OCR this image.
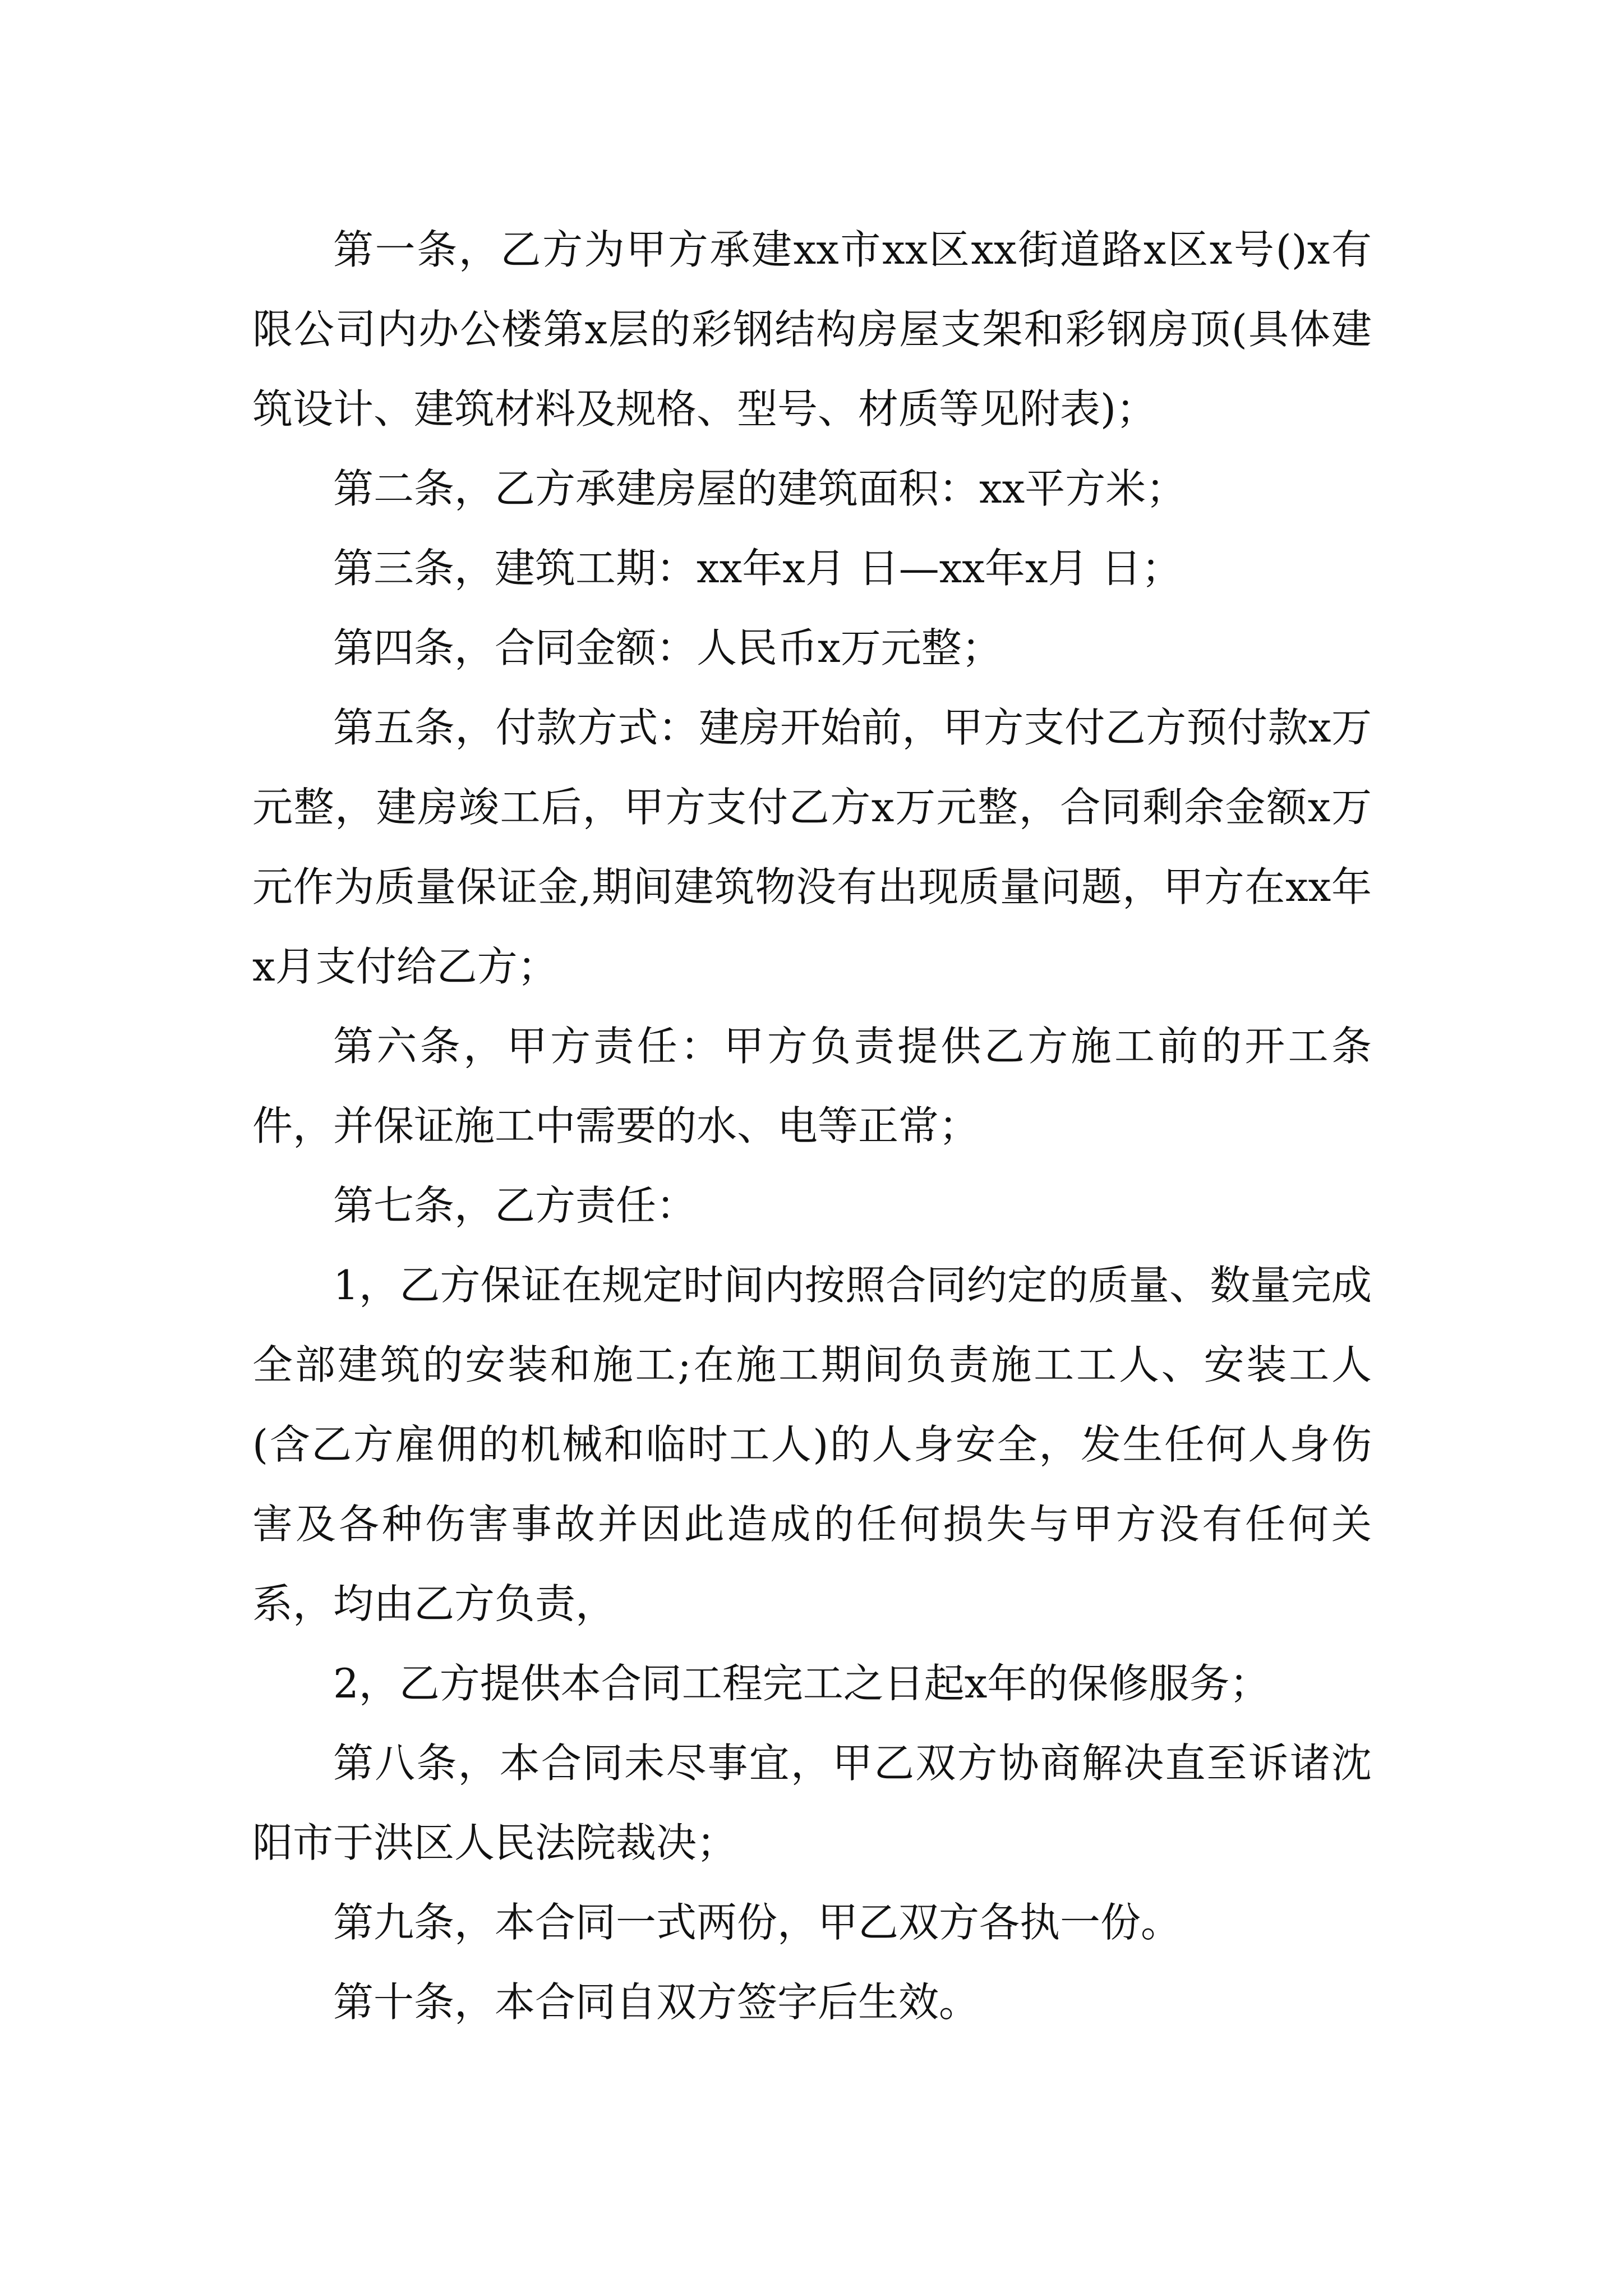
第一条，乙方为甲方承建xx市xx区xx街道路x区x号()x有限公司内办公楼第x层的彩钢结构房屋支架和彩钢房顶(具体建筑设计、建筑材料及规格、型号、材质等见附表)；

第二条，乙方承建房屋的建筑面积：xx平方米；

第三条，建筑工期：xx年x月 日—xx年x月 日；

第四条，合同金额：人民币x万元整；

第五条，付款方式：建房开始前，甲方支付乙方预付款x万元整，建房竣工后，甲方支付乙方x万元整，合同剩余金额x万元作为质量保证金,期间建筑物没有出现质量问题，甲方在xx年x月支付给乙方；

第六条，甲方责任：甲方负责提供乙方施工前的开工条件，并保证施工中需要的水、电等正常；

第七条，乙方责任：

1，乙方保证在规定时间内按照合同约定的质量、数量完成全部建筑的安装和施工;在施工期间负责施工工人、安装工人(含乙方雇佣的机械和临时工人)的人身安全，发生任何人身伤害及各种伤害事故并因此造成的任何损失与甲方没有任何关系，均由乙方负责，

2，乙方提供本合同工程完工之日起x年的保修服务；

第八条，本合同未尽事宜，甲乙双方协商解决直至诉诸沈阳市于洪区人民法院裁决；

第九条，本合同一式两份，甲乙双方各执一份。

第十条，本合同自双方签字后生效。
